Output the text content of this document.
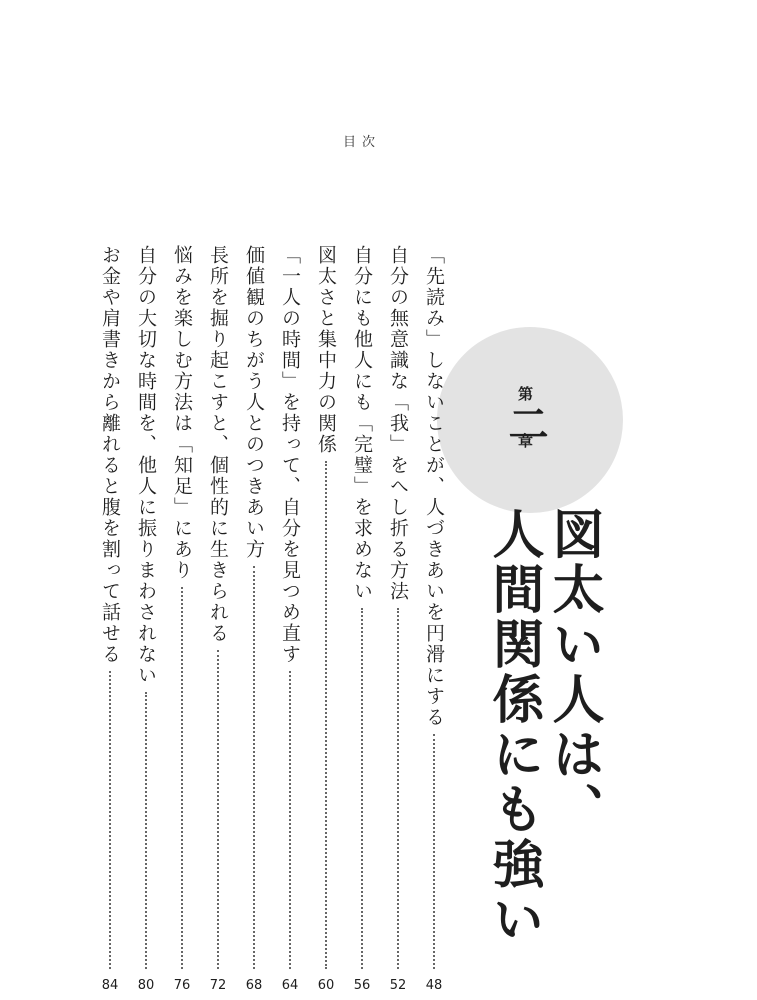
目次
第二章
図太い人は、
人間関係にも強い
「先読み」しないことが、人づきあいを円滑にする
48
自分の無意識な「我」をへし折る方法
52
自分にも他人にも「完璧」を求めない
56
図太さと集中力の関係
60
「一人の時間」を持って、自分を見つめ直す
64
価値観のちがう人とのつきあい方
68
長所を掘り起こすと、個性的に生きられる
72
悩みを楽しむ方法は「知足」にあり
76
自分の大切な時間を、他人に振りまわされない
80
お金や肩書きから離れると腹を割って話せる
84
